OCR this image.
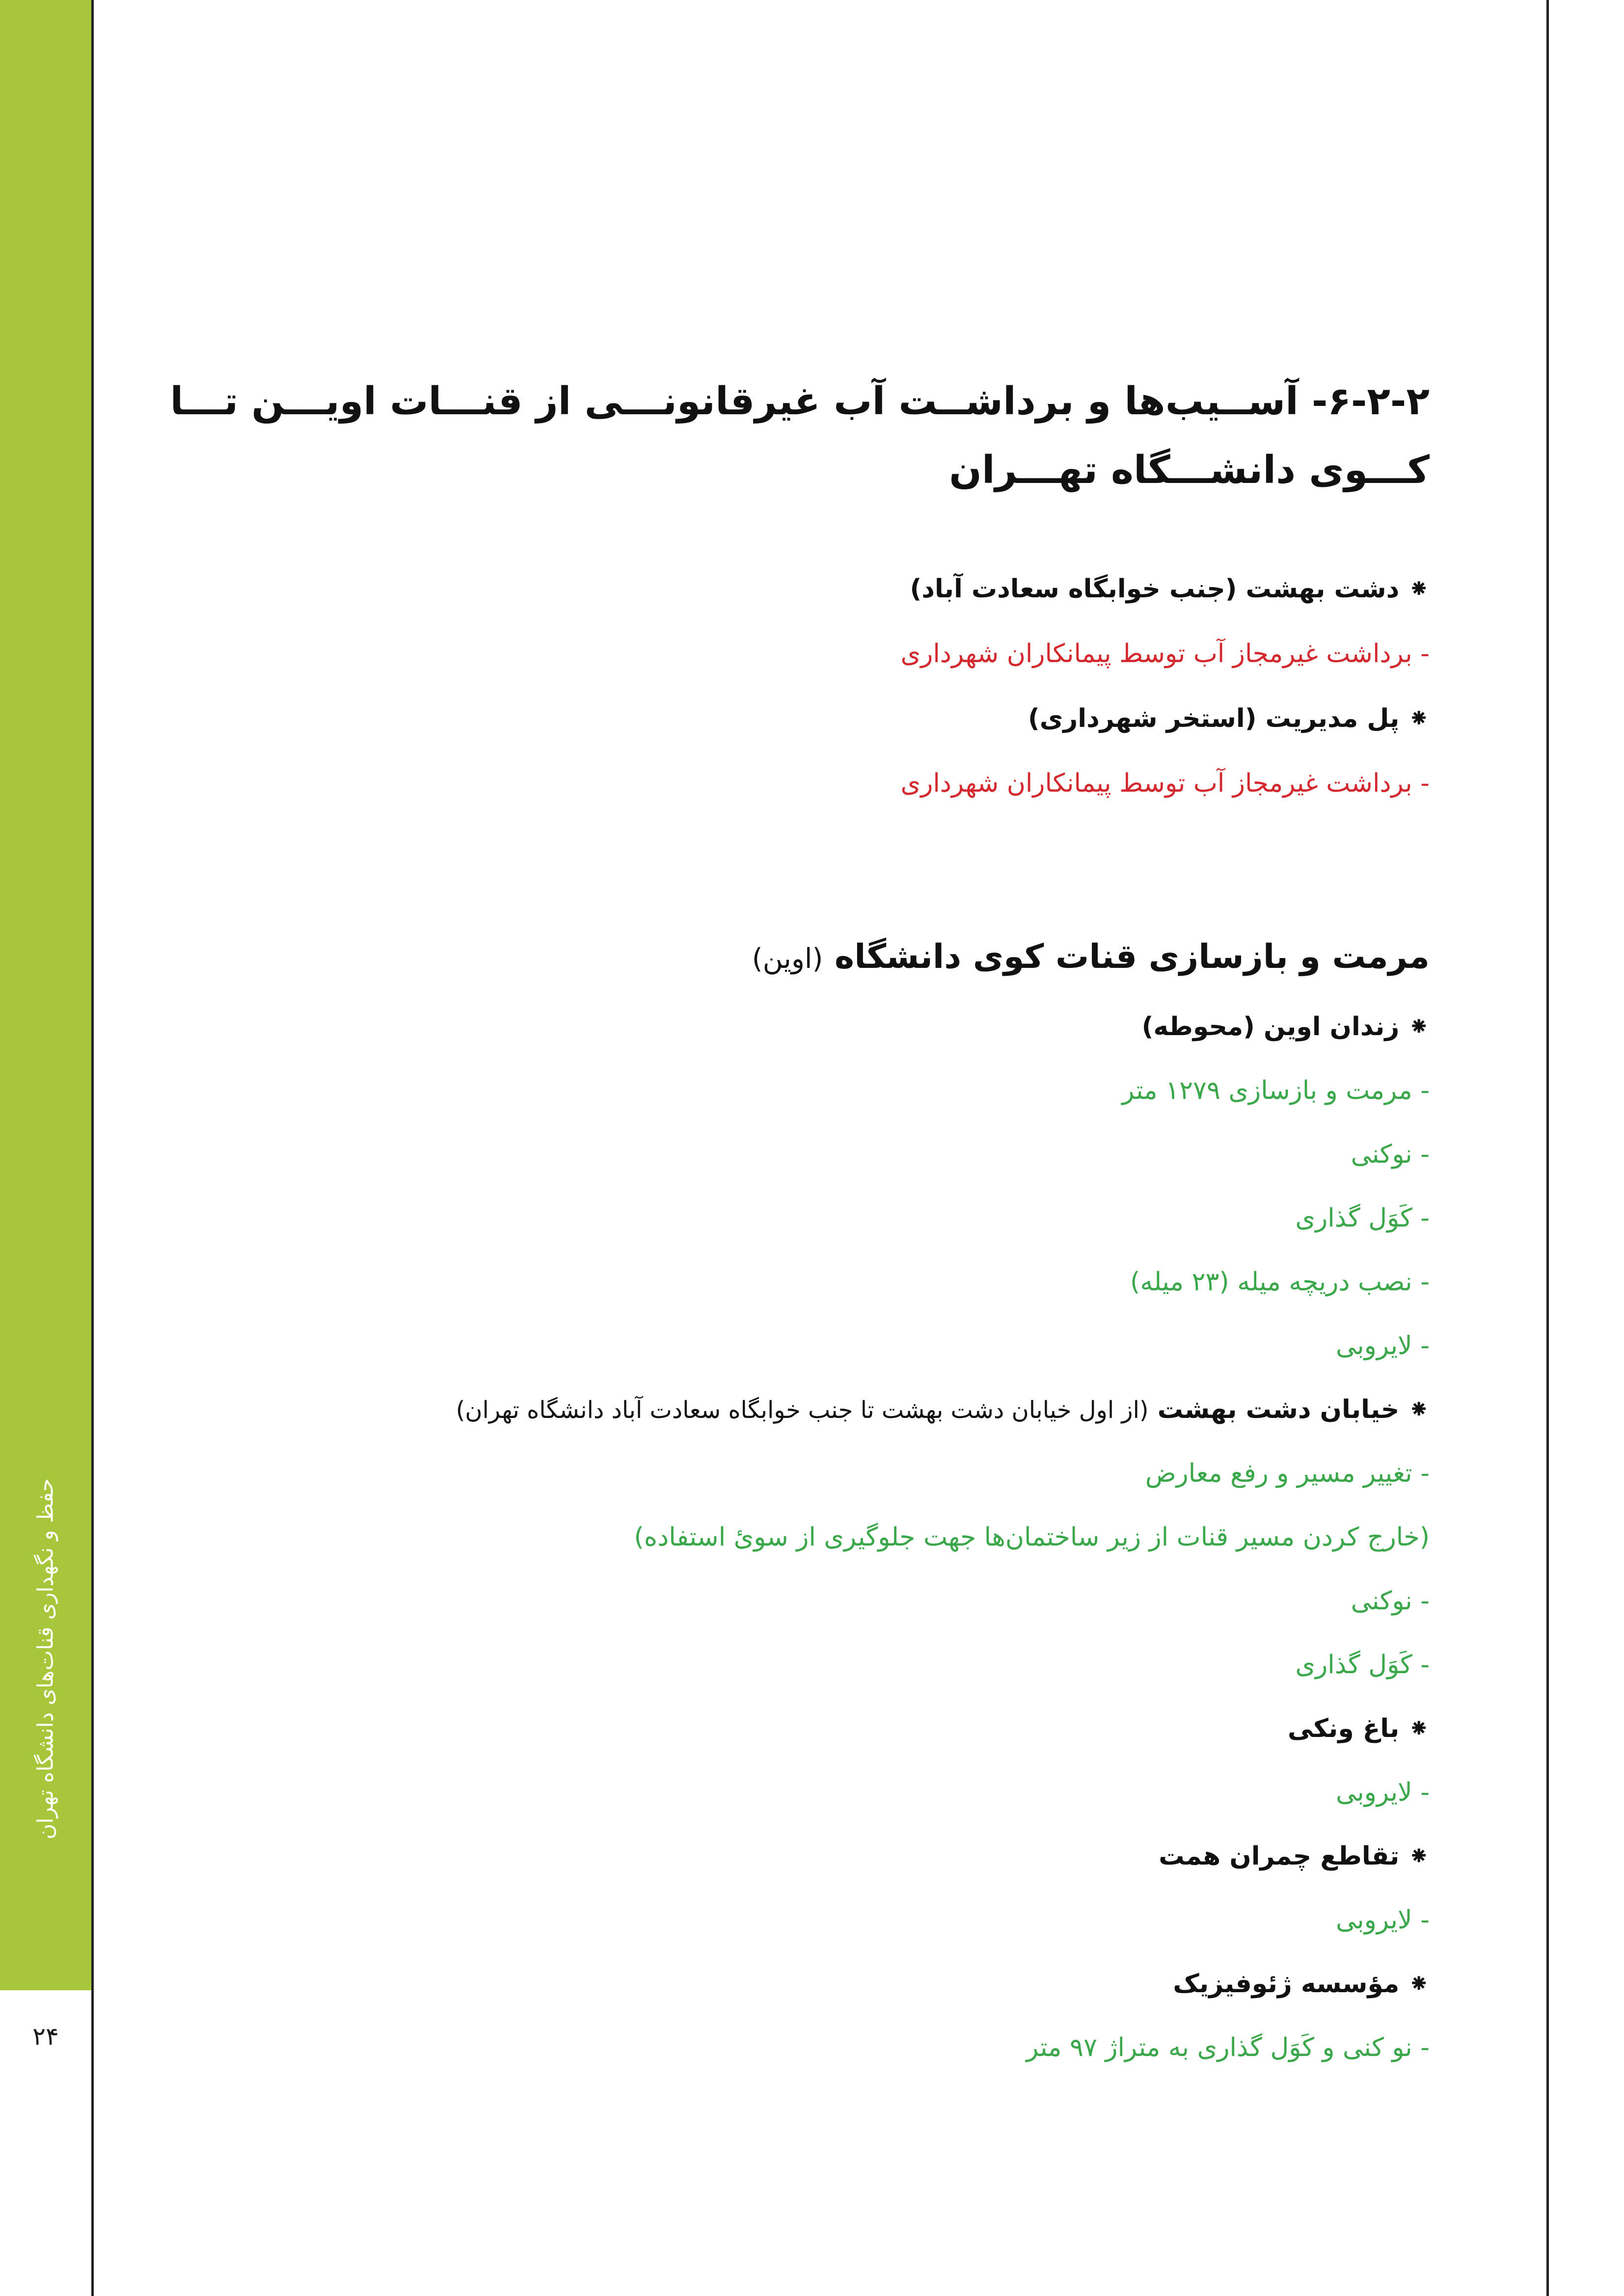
حفظ و نگهداری قنات‌های دانشگاه تهران
۲۴
۶-۲-۲- آســیب‌ها و برداشــت آب غیرقانونـــی از قنـــات اویـــن تـــا کـــوی دانشـــگاه تهـــران
⁕ دشت بهشت (جنب خوابگاه سعادت آباد)
- برداشت غیرمجاز آب توسط پیمانکاران شهرداری
⁕ پل مدیریت (استخر شهرداری)
- برداشت غیرمجاز آب توسط پیمانکاران شهرداری
مرمت و بازسازی قنات کوی دانشگاه (اوین)
⁕ زندان اوین (محوطه)
- مرمت و بازسازی ۱۲۷۹ متر
- نوکنی
- کَوَل گذاری
- نصب دریچه میله (۲۳ میله)
- لایروبی
⁕ خیابان دشت بهشت (از اول خیابان دشت بهشت تا جنب خوابگاه سعادت آباد دانشگاه تهران)
- تغییر مسیر و رفع معارض
(خارج کردن مسیر قنات از زیر ساختمان‌ها جهت جلوگیری از سوئ استفاده)
- نوکنی
- کَوَل گذاری
⁕ باغ ونکی
- لایروبی
⁕ تقاطع چمران همت
- لایروبی
⁕ مؤسسه ژئوفیزیک
- نو کنی و کَوَل گذاری به متراژ ۹۷ متر
